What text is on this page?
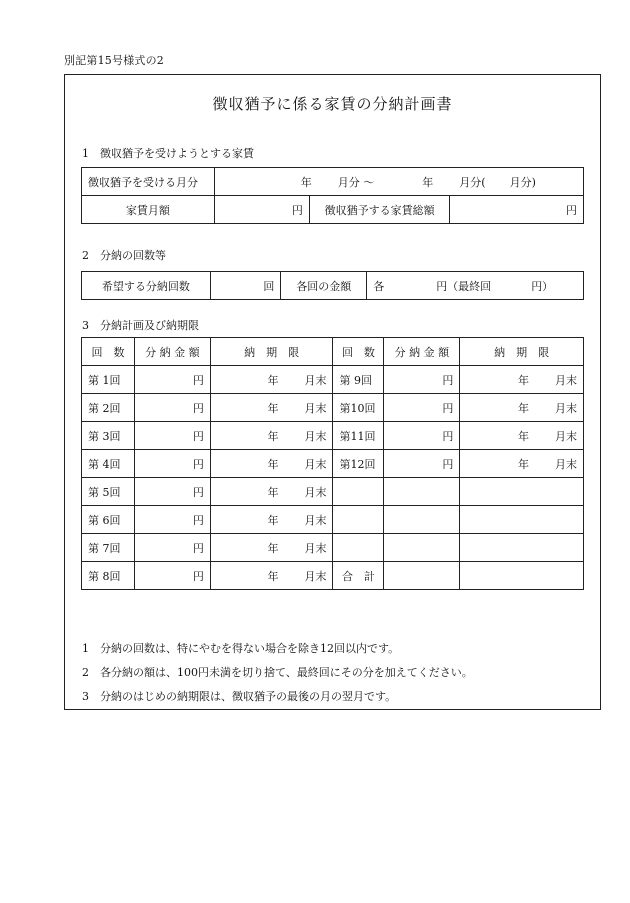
別記第15号様式の2
徴収猶予に係る家賃の分納計画書
1　徴収猶予を受けようとする家賃
徴収猶予を受ける月分	年 月分 〜 年 月分( 月分)		
家賃月額	円	徴収猶予する家賃総額	円
2　分納の回数等
希望する分納回数	回	各回の金額	各	円（最終回	円）
3　分納計画及び納期限
回　数	分 納 金 額	納　期　限	回　数	分 納 金 額	納　期　限
第 1回	円	年 月末	第 9回	円	年 月末
第 2回	円	年 月末	第10回	円	年 月末
第 3回	円	年 月末	第11回	円	年 月末
第 4回	円	年 月末	第12回	円	年 月末
第 5回	円	年 月末			
第 6回	円	年 月末			
第 7回	円	年 月末			
第 8回	円	年 月末	合　計		
1　分納の回数は、特にやむを得ない場合を除き12回以内です。
2　各分納の額は、100円未満を切り捨て、最終回にその分を加えてください。
3　分納のはじめの納期限は、徴収猶予の最後の月の翌月です。
